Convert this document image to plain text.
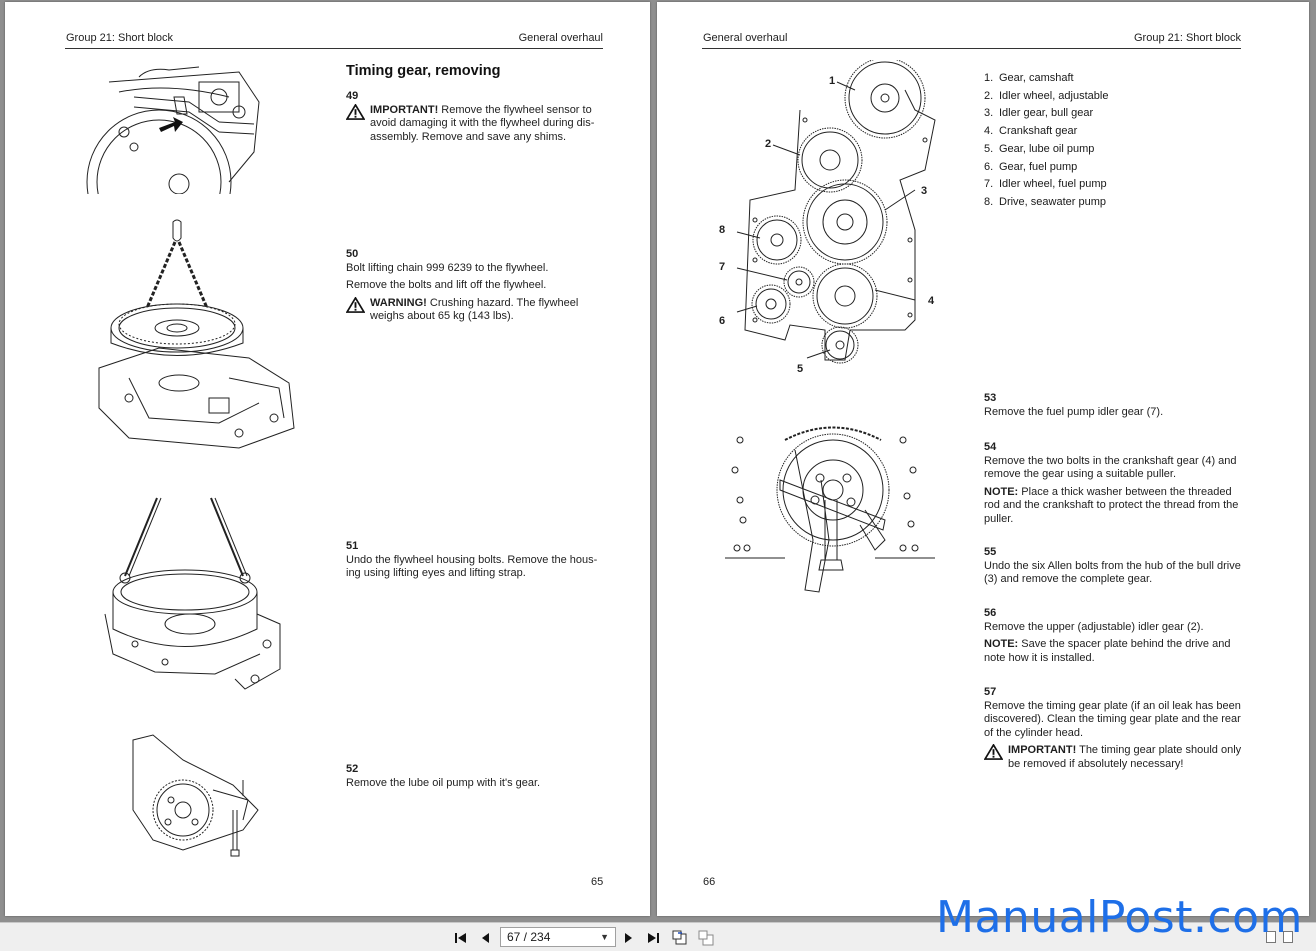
Group 21: Short block	General overhaul
Timing gear, removing
49
IMPORTANT! Remove the flywheel sensor to avoid damaging it with the flywheel during dis-assembly. Remove and save any shims.
50

Bolt lifting chain 999 6239 to the flywheel.

Remove the bolts and lift off the flywheel.

WARNING! Crushing hazard. The flywheel weighs about 65 kg (143 lbs).
51

Undo the flywheel housing bolts. Remove the hous-ing using lifting eyes and lifting strap.

52

Remove the lube oil pump with it's gear.

65
General overhaul	Group 21: Short block
1
2
3
4
5
6
7
8
1. Gear, camshaft
2. Idler wheel, adjustable
3. Idler gear, bull gear
4. Crankshaft gear
5. Gear, lube oil pump
6. Gear, fuel pump
7. Idler wheel, fuel pump
8. Drive, seawater pump
53

Remove the fuel pump idler gear (7).

54

Remove the two bolts in the crankshaft gear (4) and remove the gear using a suitable puller.

NOTE: Place a thick washer between the threaded rod and the crankshaft to protect the thread from the puller.

55

Undo the six Allen bolts from the hub of the bull drive (3) and remove the complete gear.

56

Remove the upper (adjustable) idler gear (2).

NOTE: Save the spacer plate behind the drive and note how it is installed.

57

Remove the timing gear plate (if an oil leak has been discovered). Clean the timing gear plate and the rear of the cylinder head.

IMPORTANT! The timing gear plate should only be removed if absolutely necessary!
66
67 / 234	▼	ManualPost.com
